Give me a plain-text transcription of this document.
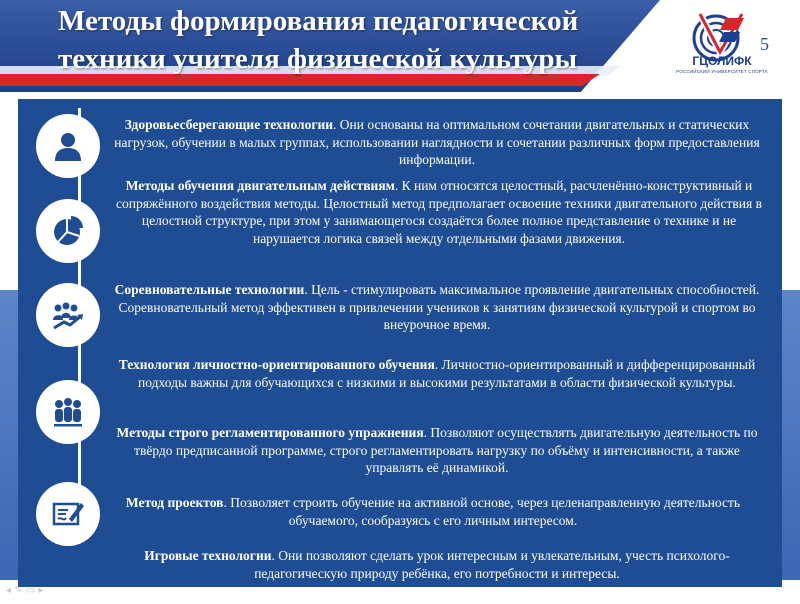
Методы формирования педагогической техники учителя физической культуры	ГЦОЛИФК
РОССИЙСКИЙ УНИВЕРСИТЕТ СПОРТА
5

Здоровьесберегающие технологии. Они основаны на оптимальном сочетании двигательных и статических нагрузок, обучении в малых группах, использовании наглядности и сочетании различных форм предоставления информации.

Методы обучения двигательным действиям. К ним относятся целостный, расчленённо-конструктивный и сопряжённого воздействия методы. Целостный метод предполагает освоение техники двигательного действия в целостной структуре, при этом у занимающегося создаётся более полное представление о технике и не нарушается логика связей между отдельными фазами движения.

Соревновательные технологии. Цель - стимулировать максимальное проявление двигательных способностей. Соревновательный метод эффективен в привлечении учеников к занятиям физической культурой и спортом во внеурочное время.

Технология личностно-ориентированного обучения. Личностно-ориентированный и дифференцированный подходы важны для обучающихся с низкими и высокими результатами в области физической культуры.

Методы строго регламентированного упражнения. Позволяют осуществлять двигательную деятельность по твёрдо предписанной программе, строго регламентировать нагрузку по объёму и интенсивности, а также управлять её динамикой.

Метод проектов. Позволяет строить обучение на активной основе, через целенаправленную деятельность обучаемого, сообразуясь с его личным интересом.

Игровые технологии. Они позволяют сделать урок интересным и увлекательным, учесть психолого-педагогическую природу ребёнка, его потребности и интересы.

◂ ✎ ▭ ▸
